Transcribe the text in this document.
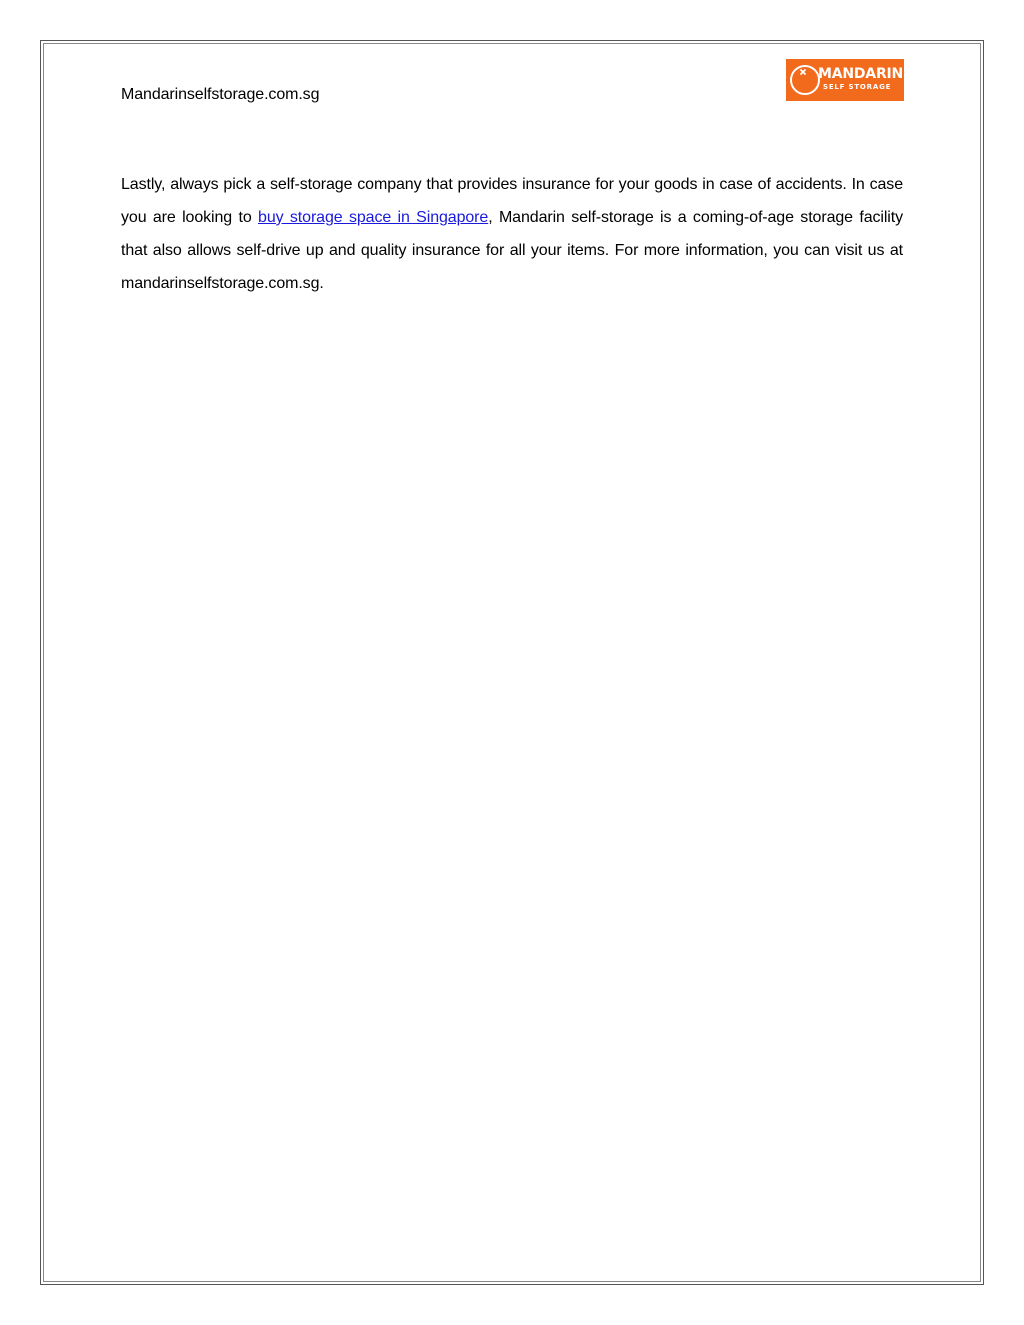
Mandarinselfstorage.com.sg
MANDARIN
SELF STORAGE
Lastly, always pick a self-storage company that provides insurance for your goods in case of accidents. In case you are looking to buy storage space in Singapore, Mandarin self-storage is a coming-of-age storage facility that also allows self-drive up and quality insurance for all your items. For more information, you can visit us at mandarinselfstorage.com.sg.
